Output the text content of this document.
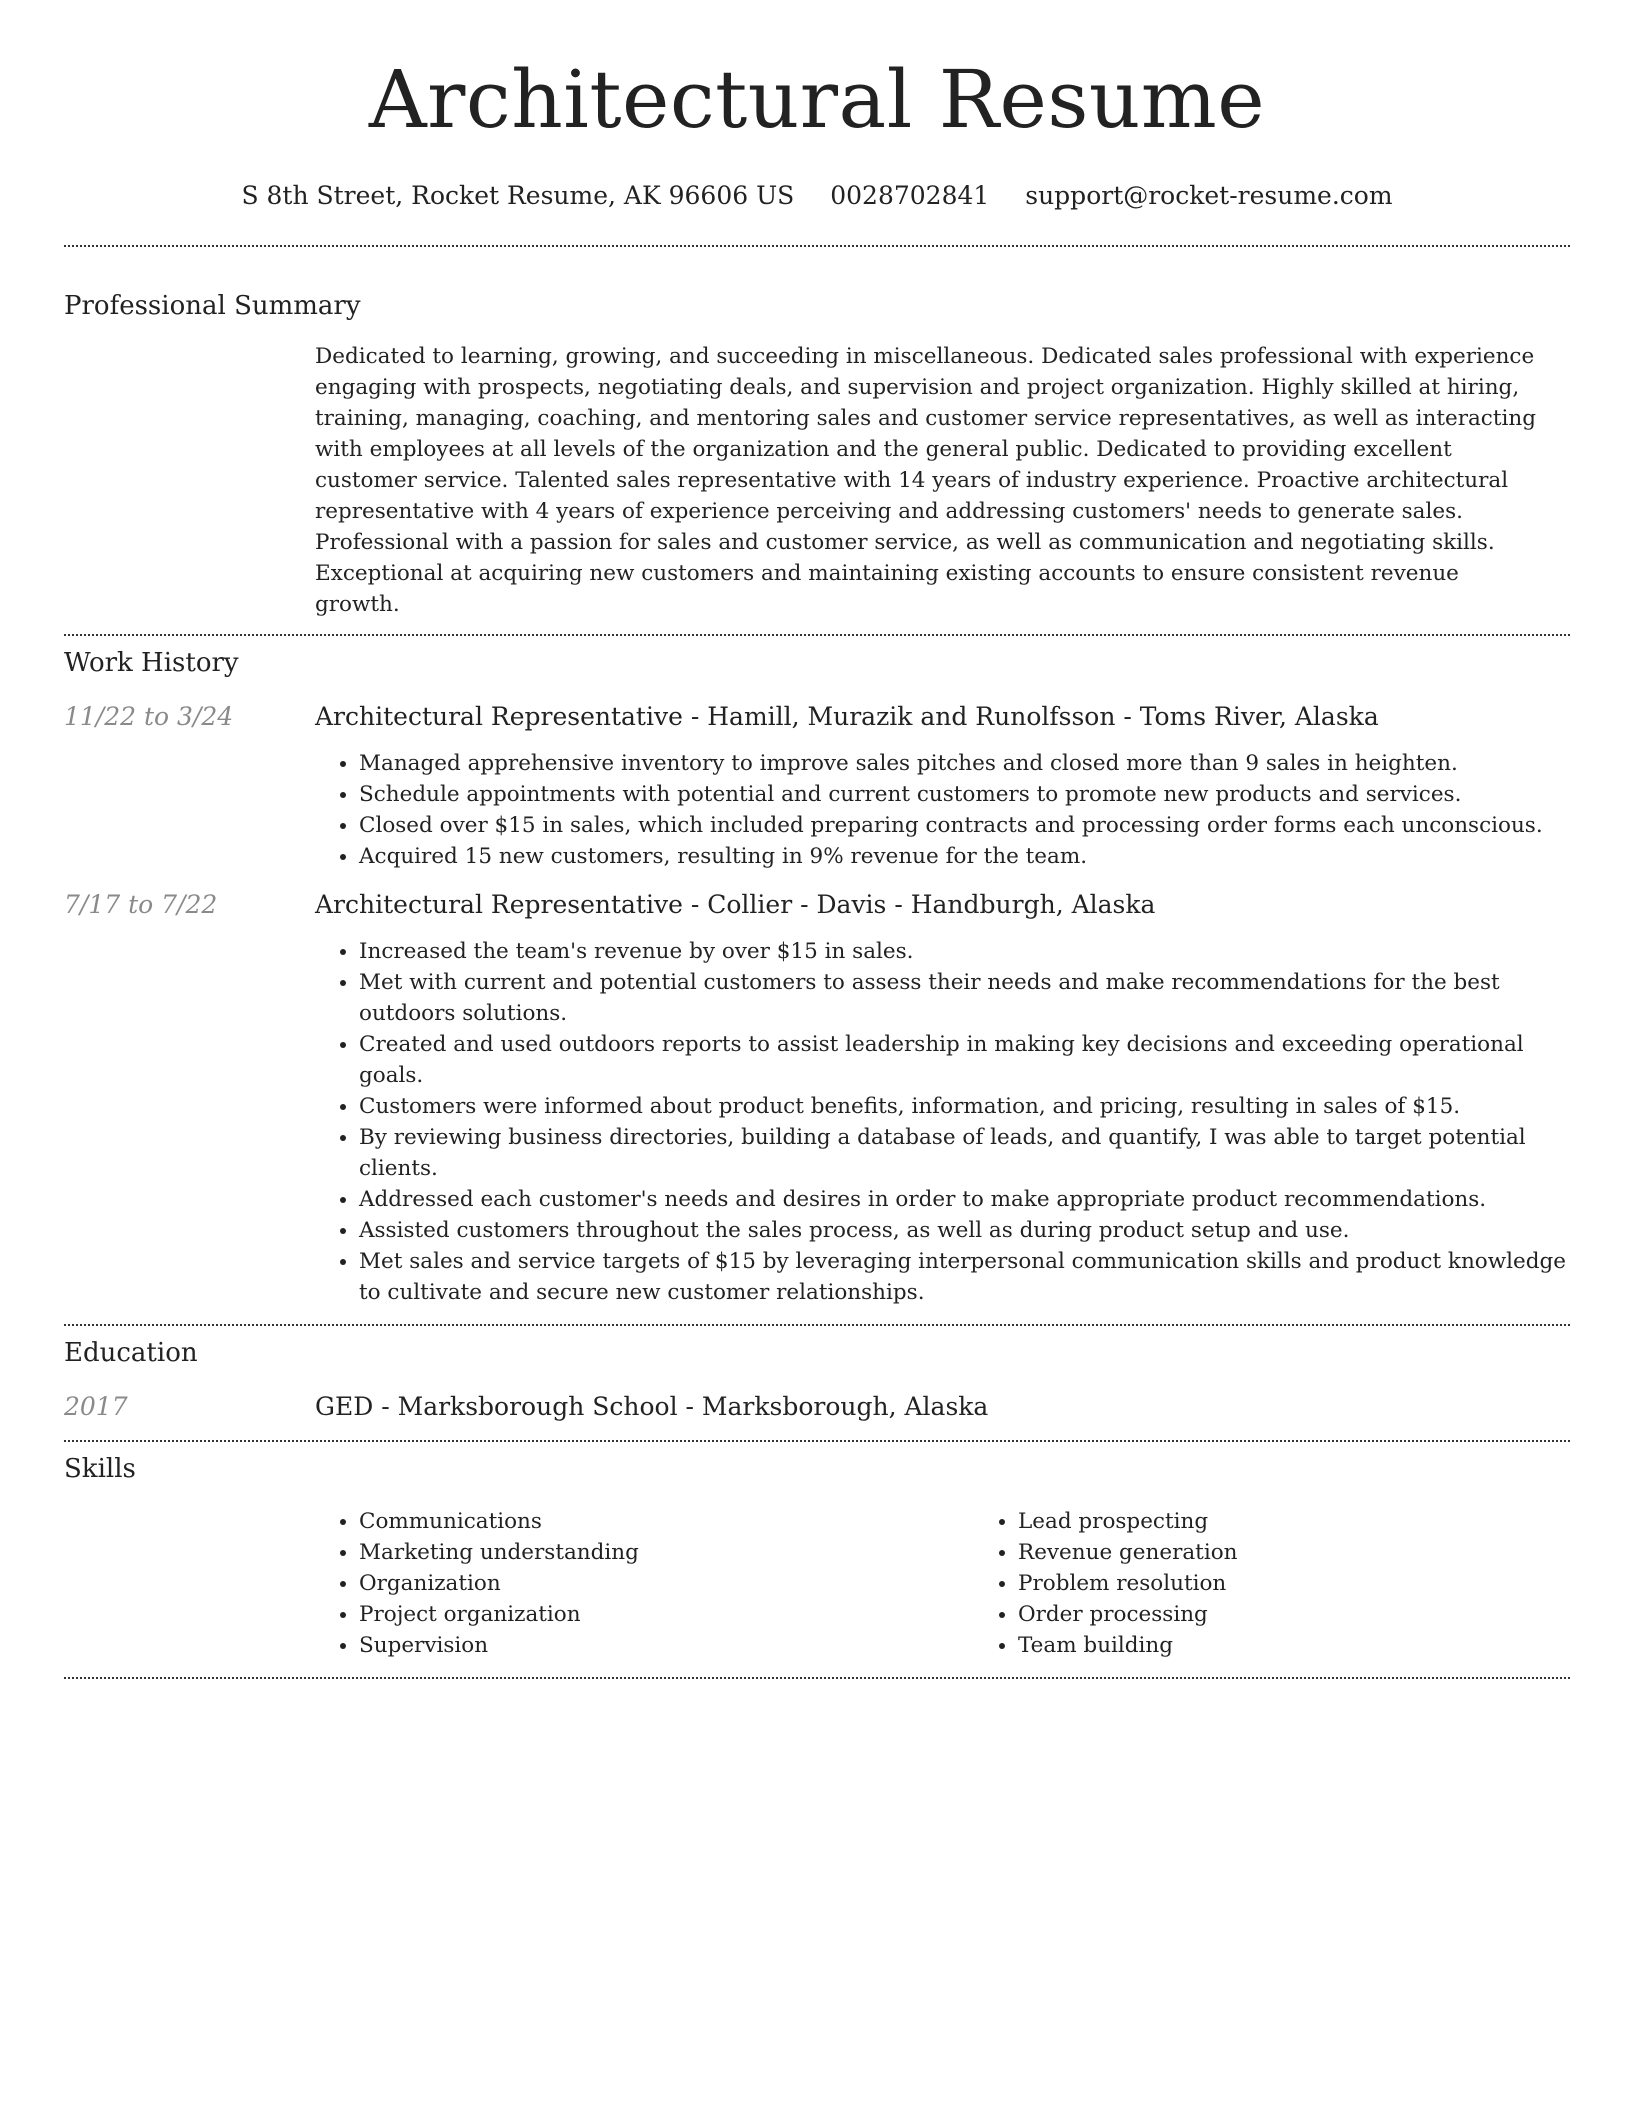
Architectural Resume
S 8th Street, Rocket Resume, AK 96606 US 0028702841 support@rocket-resume.com
Professional Summary

Dedicated to learning, growing, and succeeding in miscellaneous. Dedicated sales professional with experience engaging with prospects, negotiating deals, and supervision and project organization. Highly skilled at hiring, training, managing, coaching, and mentoring sales and customer service representatives, as well as interacting with employees at all levels of the organization and the general public. Dedicated to providing excellent customer service. Talented sales representative with 14 years of industry experience. Proactive architectural representative with 4 years of experience perceiving and addressing customers' needs to generate sales. Professional with a passion for sales and customer service, as well as communication and negotiating skills. Exceptional at acquiring new customers and maintaining existing accounts to ensure consistent revenue growth.

Work History
11/22 to 3/24	Architectural Representative - Hamill, Murazik and Runolfsson - Toms River, Alaska
• Managed apprehensive inventory to improve sales pitches and closed more than 9 sales in heighten.
• Schedule appointments with potential and current customers to promote new products and services.
• Closed over $15 in sales, which included preparing contracts and processing order forms each unconscious.
• Acquired 15 new customers, resulting in 9% revenue for the team.
7/17 to 7/22	Architectural Representative - Collier - Davis - Handburgh, Alaska
• Increased the team's revenue by over $15 in sales.
• Met with current and potential customers to assess their needs and make recommendations for the best outdoors solutions.
• Created and used outdoors reports to assist leadership in making key decisions and exceeding operational goals.
• Customers were informed about product benefits, information, and pricing, resulting in sales of $15.
• By reviewing business directories, building a database of leads, and quantify, I was able to target potential clients.
• Addressed each customer's needs and desires in order to make appropriate product recommendations.
• Assisted customers throughout the sales process, as well as during product setup and use.
• Met sales and service targets of $15 by leveraging interpersonal communication skills and product knowledge to cultivate and secure new customer relationships.
Education
2017	GED - Marksborough School - Marksborough, Alaska
Skills
• Communications
• Marketing understanding
• Organization
• Project organization
• Supervision
• Lead prospecting
• Revenue generation
• Problem resolution
• Order processing
• Team building
